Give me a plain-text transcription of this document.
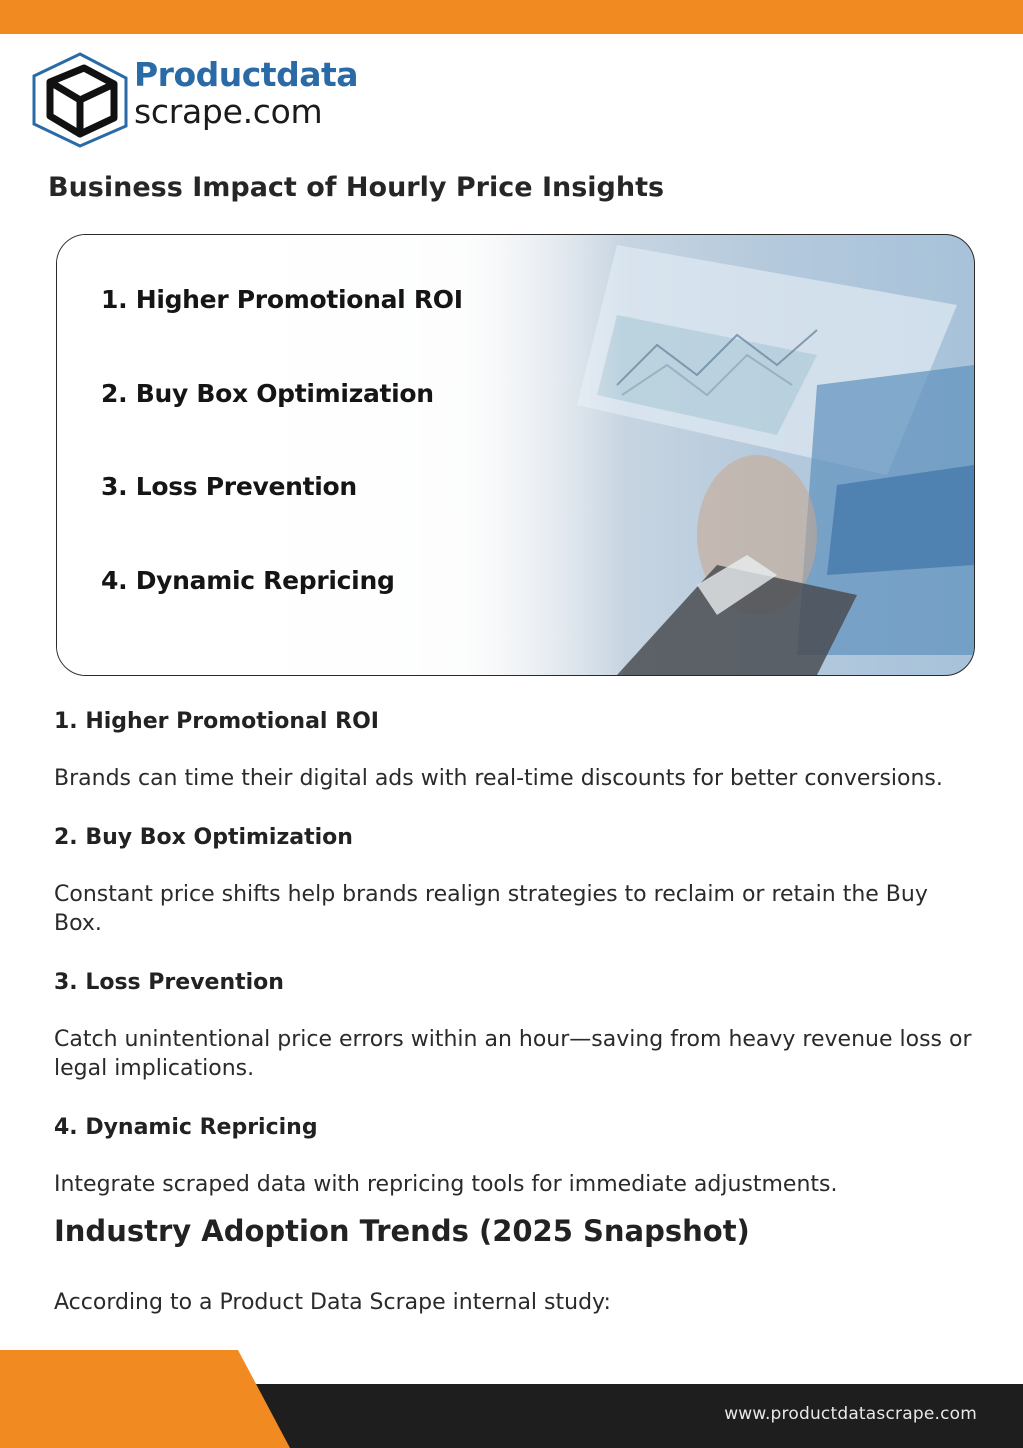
Productdata
scrape.com
Business Impact of Hourly Price Insights
1. Higher Promotional ROI
2. Buy Box Optimization
3. Loss Prevention
4. Dynamic Repricing
1. Higher Promotional ROI

Brands can time their digital ads with real-time discounts for better conversions.

2. Buy Box Optimization

Constant price shifts help brands realign strategies to reclaim or retain the Buy Box.

3. Loss Prevention

Catch unintentional price errors within an hour—saving from heavy revenue loss or legal implications.

4. Dynamic Repricing

Integrate scraped data with repricing tools for immediate adjustments.

Industry Adoption Trends (2025 Snapshot)

According to a Product Data Scrape internal study:

www.productdatascrape.com
